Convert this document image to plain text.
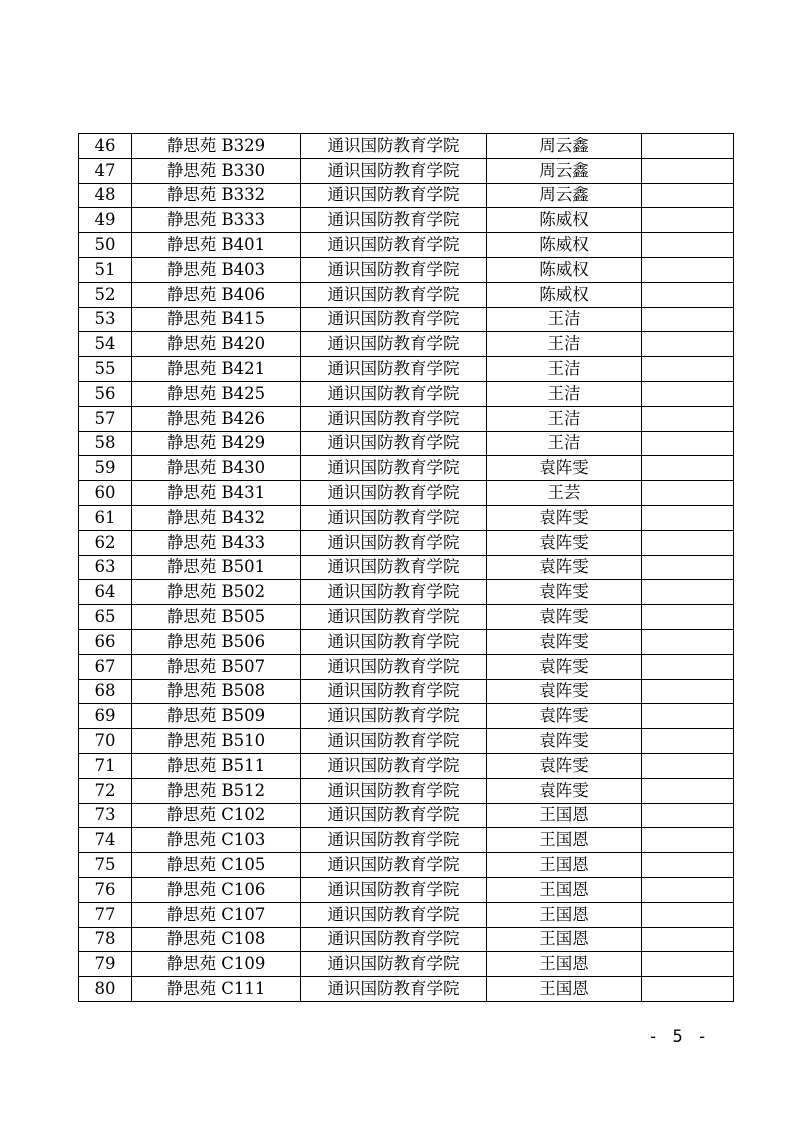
46	静思苑 B329	通识国防教育学院	周云鑫	
47	静思苑 B330	通识国防教育学院	周云鑫	
48	静思苑 B332	通识国防教育学院	周云鑫	
49	静思苑 B333	通识国防教育学院	陈威权	
50	静思苑 B401	通识国防教育学院	陈威权	
51	静思苑 B403	通识国防教育学院	陈威权	
52	静思苑 B406	通识国防教育学院	陈威权	
53	静思苑 B415	通识国防教育学院	王洁	
54	静思苑 B420	通识国防教育学院	王洁	
55	静思苑 B421	通识国防教育学院	王洁	
56	静思苑 B425	通识国防教育学院	王洁	
57	静思苑 B426	通识国防教育学院	王洁	
58	静思苑 B429	通识国防教育学院	王洁	
59	静思苑 B430	通识国防教育学院	袁阵雯	
60	静思苑 B431	通识国防教育学院	王芸	
61	静思苑 B432	通识国防教育学院	袁阵雯	
62	静思苑 B433	通识国防教育学院	袁阵雯	
63	静思苑 B501	通识国防教育学院	袁阵雯	
64	静思苑 B502	通识国防教育学院	袁阵雯	
65	静思苑 B505	通识国防教育学院	袁阵雯	
66	静思苑 B506	通识国防教育学院	袁阵雯	
67	静思苑 B507	通识国防教育学院	袁阵雯	
68	静思苑 B508	通识国防教育学院	袁阵雯	
69	静思苑 B509	通识国防教育学院	袁阵雯	
70	静思苑 B510	通识国防教育学院	袁阵雯	
71	静思苑 B511	通识国防教育学院	袁阵雯	
72	静思苑 B512	通识国防教育学院	袁阵雯	
73	静思苑 C102	通识国防教育学院	王国恩	
74	静思苑 C103	通识国防教育学院	王国恩	
75	静思苑 C105	通识国防教育学院	王国恩	
76	静思苑 C106	通识国防教育学院	王国恩	
77	静思苑 C107	通识国防教育学院	王国恩	
78	静思苑 C108	通识国防教育学院	王国恩	
79	静思苑 C109	通识国防教育学院	王国恩	
80	静思苑 C111	通识国防教育学院	王国恩	
- 5 -
